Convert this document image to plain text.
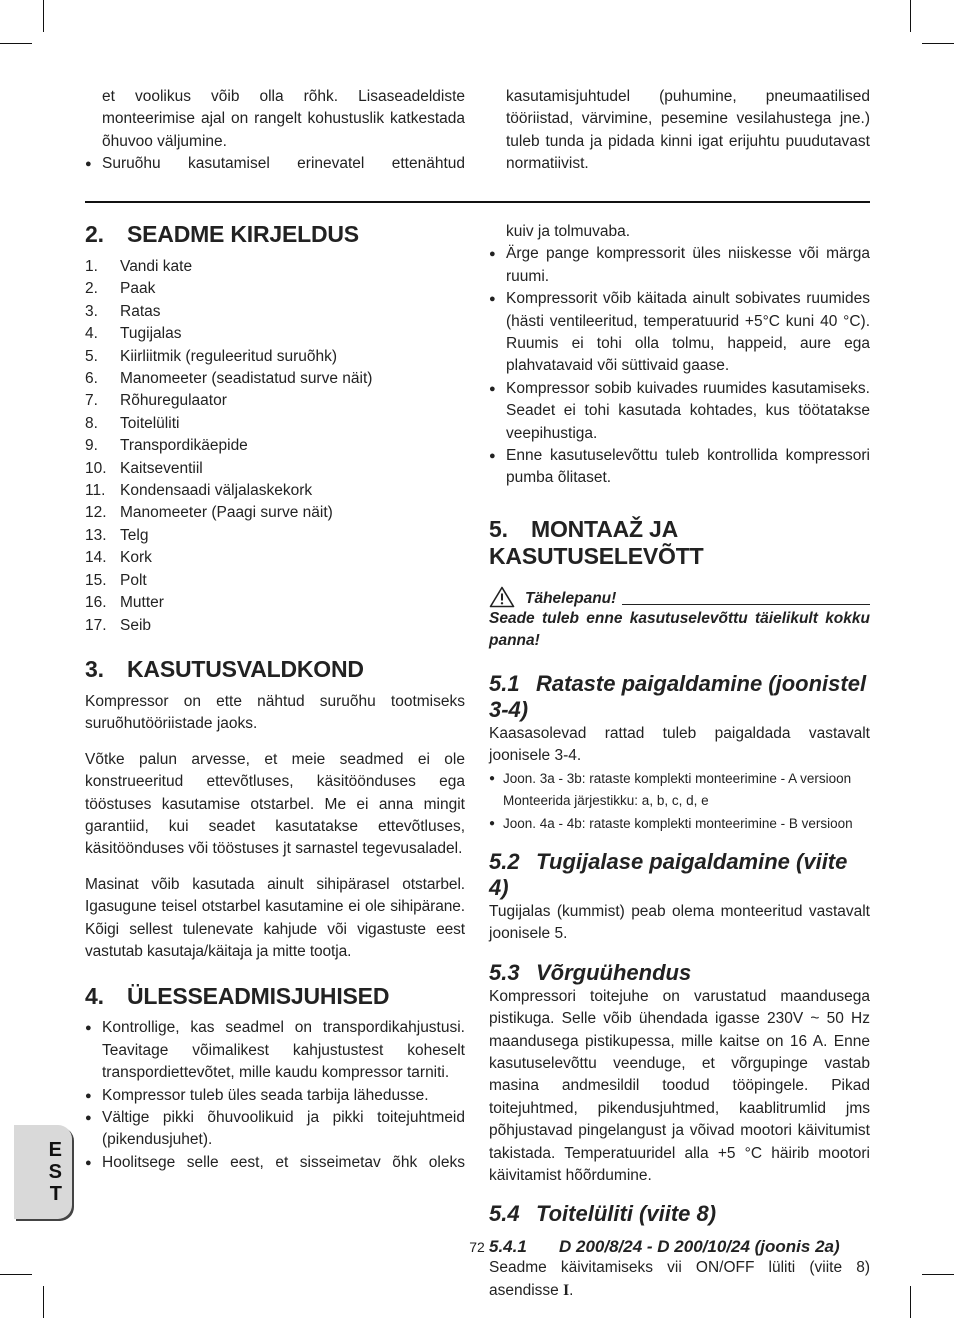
et voolikus võib olla rõhk. Lisaseadeldiste monteerimise ajal on rangelt kohustuslik katkestada õhuvoo väljumine.

● Suruõhu kasutamisel erinevatel ettenähtud

kasutamisjuhtudel (puhumine, pneumaatilised tööriistad, värvimine, pesemine vesilahustega jne.) tuleb tunda ja pidada kinni igat erijuhtu puudutavast normatiivist.

2. SEADME KIRJELDUS
1.	Vandi kate
2.	Paak
3.	Ratas
4.	Tugijalas
5.	Kiirliitmik (reguleeritud suruõhk)
6.	Manomeeter (seadistatud surve näit)
7.	Rõhuregulaator
8.	Toitelüliti
9.	Transpordikäepide
10. Kaitseventiil
11. Kondensaadi väljalaskekork
12. Manomeeter (Paagi surve näit)
13. Telg
14. Kork
15. Polt
16. Mutter
17. Seib
3. KASUTUSVALDKOND

Kompressor on ette nähtud suruõhu tootmiseks suruõhutööriistade jaoks.

Võtke palun arvesse, et meie seadmed ei ole konstrueeritud ettevõtluses, käsitöönduses ega tööstuses kasutamise otstarbel. Me ei anna mingit garantiid, kui seadet kasutatakse ettevõtluses, käsitöönduses või tööstuses jt sarnastel tegevusaladel.

Masinat võib kasutada ainult sihipärasel otstarbel. Igasugune teisel otstarbel kasutamine ei ole sihipärane. Kõigi sellest tulenevate kahjude või vigastuste eest vastutab kasutaja/käitaja ja mitte tootja.

4. ÜLESSEADMISJUHISED
● Kontrollige, kas seadmel on transpordikahjustusi. Teavitage võimalikest kahjustustest koheselt transpordiettevõtet, mille kaudu kompressor tarniti.
● Kompressor tuleb üles seada tarbija lähedusse.
● Vältige pikki õhuvoolikuid ja pikki toitejuhtmeid (pikendusjuhet).
● Hoolitsege selle eest, et sisseimetav õhk oleks

kuiv ja tolmuvaba.

● Ärge pange kompressorit üles niiskesse või märga ruumi.
● Kompressorit võib käitada ainult sobivates ruumides (hästi ventileeritud, temperatuurid +5°C kuni 40 °C). Ruumis ei tohi olla tolmu, happeid, aure ega plahvatavaid või süttivaid gaase.
● Kompressor sobib kuivades ruumides kasutamiseks. Seadet ei tohi kasutada kohtades, kus töötatakse veepihustiga.
● Enne kasutuselevõttu tuleb kontrollida kompressori pumba õlitaset.
5. MONTAAŽ JA KASUTUSELEVÕTT
Tähelepanu!

Seade tuleb enne kasutuselevõttu täielikult kokku panna!

5.1 Rataste paigaldamine (joonistel 3-4)

Kaasasolevad rattad tuleb paigaldada vastavalt joonisele 3-4.

● Joon. 3a - 3b: rataste komplekti monteerimine - A versioon
Monteerida järjestikku: a, b, c, d, e
● Joon. 4a - 4b: rataste komplekti monteerimine - B versioon
5.2 Tugijalase paigaldamine (viite 4)

Tugijalas (kummist) peab olema monteeritud vastavalt joonisele 5.

5.3 Võrguühendus

Kompressori toitejuhe on varustatud maandusega pistikuga. Selle võib ühendada igasse 230V ~ 50 Hz maandusega pistikupessa, mille kaitse on 16 A. Enne kasutuselevõttu veenduge, et võrgupinge vastab masina andmesildil toodud tööpingele. Pikad toitejuhtmed, pikendusjuhtmed, kaablitrumlid jms põhjustavad pingelangust ja võivad mootori käivitumist takistada. Temperatuuridel alla +5 °C häirib mootori käivitamist hõõrdumine.

5.4 Toitelüliti (viite 8)
5.4.1 D 200/8/24 - D 200/10/24 (joonis 2a)

Seadme käivitamiseks vii ON/OFF lüliti (viite 8) asendisse I.

E
S
T
72
